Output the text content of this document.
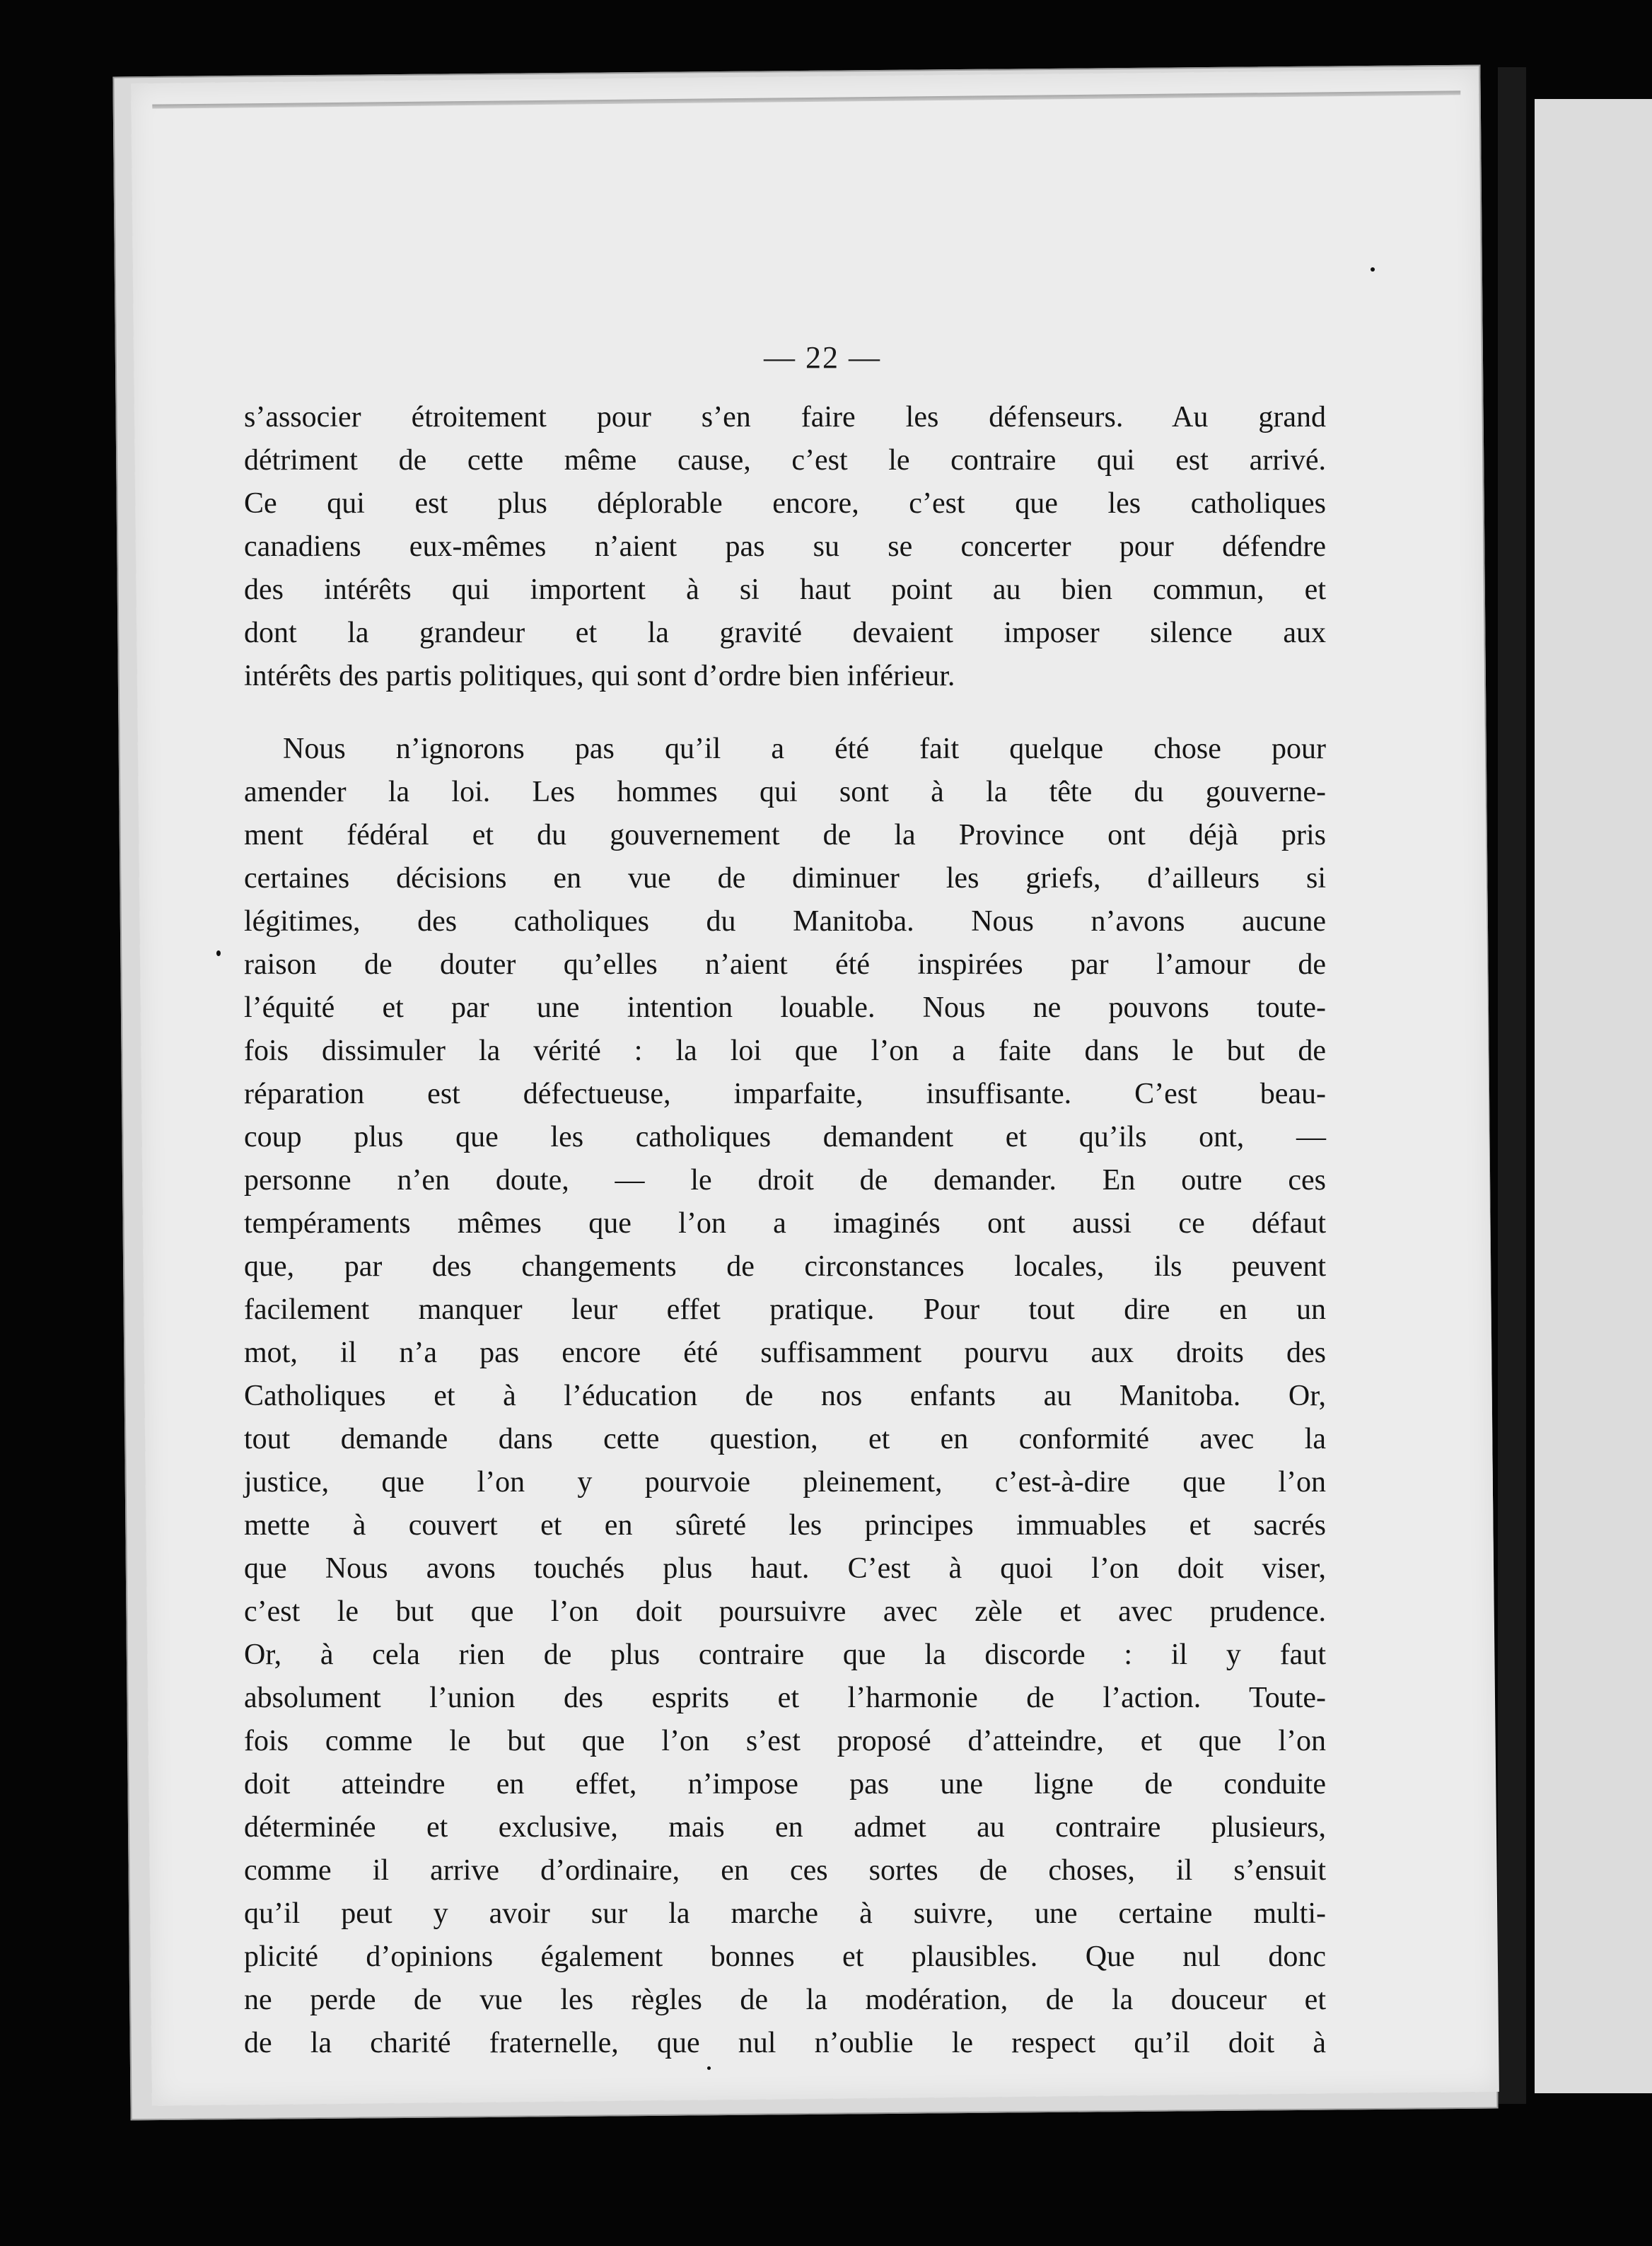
— 22 —
s’associer étroitement pour s’en faire les défenseurs. Au grand
détriment de cette même cause, c’est le contraire qui est arrivé.
Ce qui est plus déplorable encore, c’est que les catholiques
canadiens eux-mêmes n’aient pas su se concerter pour défendre
des intérêts qui importent à si haut point au bien commun, et
dont la grandeur et la gravité devaient imposer silence aux
intérêts des partis politiques, qui sont d’ordre bien inférieur.
Nous n’ignorons pas qu’il a été fait quelque chose pour
amender la loi. Les hommes qui sont à la tête du gouverne-
ment fédéral et du gouvernement de la Province ont déjà pris
certaines décisions en vue de diminuer les griefs, d’ailleurs si
légitimes, des catholiques du Manitoba. Nous n’avons aucune
raison de douter qu’elles n’aient été inspirées par l’amour de
l’équité et par une intention louable. Nous ne pouvons toute-
fois dissimuler la vérité : la loi que l’on a faite dans le but de
réparation est défectueuse, imparfaite, insuffisante. C’est beau-
coup plus que les catholiques demandent et qu’ils ont, —
personne n’en doute, — le droit de demander. En outre ces
tempéraments mêmes que l’on a imaginés ont aussi ce défaut
que, par des changements de circonstances locales, ils peuvent
facilement manquer leur effet pratique. Pour tout dire en un
mot, il n’a pas encore été suffisamment pourvu aux droits des
Catholiques et à l’éducation de nos enfants au Manitoba. Or,
tout demande dans cette question, et en conformité avec la
justice, que l’on y pourvoie pleinement, c’est-à-dire que l’on
mette à couvert et en sûreté les principes immuables et sacrés
que Nous avons touchés plus haut. C’est à quoi l’on doit viser,
c’est le but que l’on doit poursuivre avec zèle et avec prudence.
Or, à cela rien de plus contraire que la discorde : il y faut
absolument l’union des esprits et l’harmonie de l’action. Toute-
fois comme le but que l’on s’est proposé d’atteindre, et que l’on
doit atteindre en effet, n’impose pas une ligne de conduite
déterminée et exclusive, mais en admet au contraire plusieurs,
comme il arrive d’ordinaire, en ces sortes de choses, il s’ensuit
qu’il peut y avoir sur la marche à suivre, une certaine multi-
plicité d’opinions également bonnes et plausibles. Que nul donc
ne perde de vue les règles de la modération, de la douceur et
de la charité fraternelle, que nul n’oublie le respect qu’il doit à
